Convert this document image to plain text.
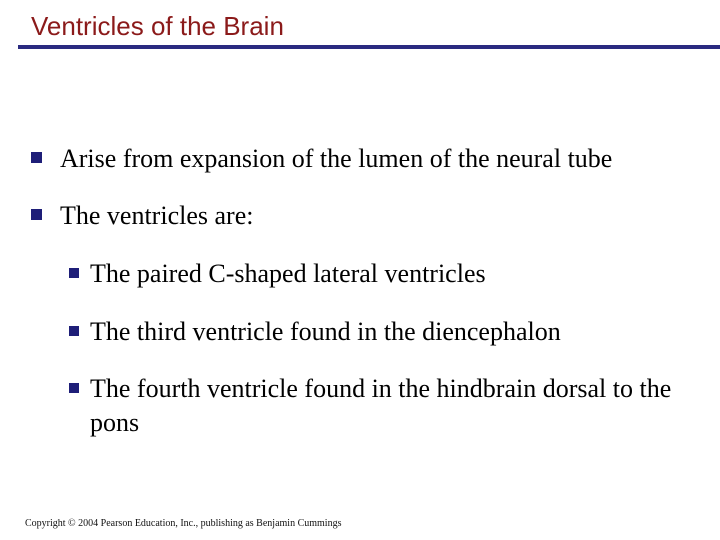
Ventricles of the Brain
Arise from expansion of the lumen of the neural tube
The ventricles are:
The paired C-shaped lateral ventricles
The third ventricle found in the diencephalon
The fourth ventricle found in the hindbrain dorsal to the pons
Copyright © 2004 Pearson Education, Inc., publishing as Benjamin Cummings
